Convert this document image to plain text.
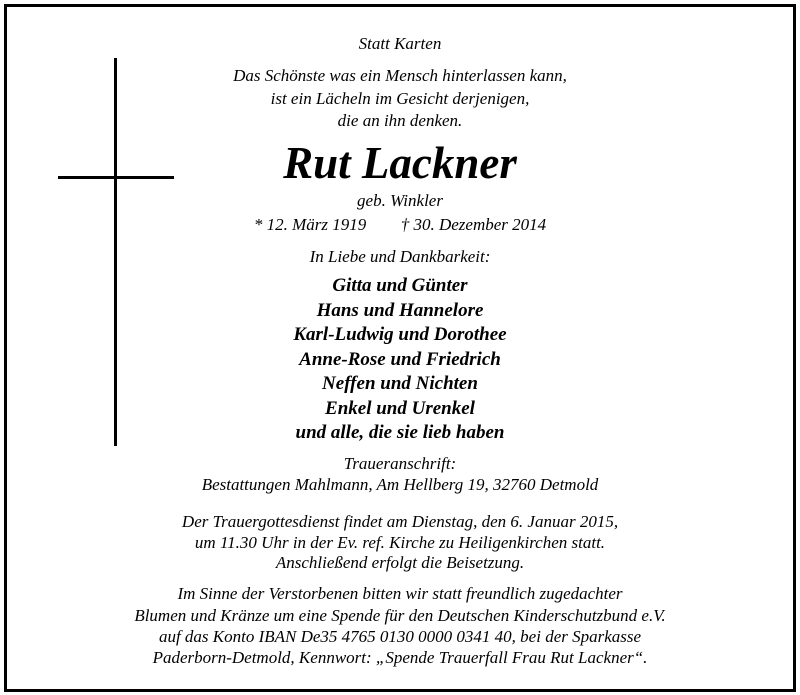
Statt Karten
Das Schönste was ein Mensch hinterlassen kann,
ist ein Lächeln im Gesicht derjenigen,
die an ihn denken.
Rut Lackner
geb. Winkler
* 12. März 1919 † 30. Dezember 2014
In Liebe und Dankbarkeit:
Gitta und Günter
Hans und Hannelore
Karl-Ludwig und Dorothee
Anne-Rose und Friedrich
Neffen und Nichten
Enkel und Urenkel
und alle, die sie lieb haben
Traueranschrift:
Bestattungen Mahlmann, Am Hellberg 19, 32760 Detmold
Der Trauergottesdienst findet am Dienstag, den 6. Januar 2015,
um 11.30 Uhr in der Ev. ref. Kirche zu Heiligenkirchen statt.
Anschließend erfolgt die Beisetzung.
Im Sinne der Verstorbenen bitten wir statt freundlich zugedachter
Blumen und Kränze um eine Spende für den Deutschen Kinderschutzbund e.V.
auf das Konto IBAN De35 4765 0130 0000 0341 40, bei der Sparkasse
Paderborn-Detmold, Kennwort: „Spende Trauerfall Frau Rut Lackner“.
